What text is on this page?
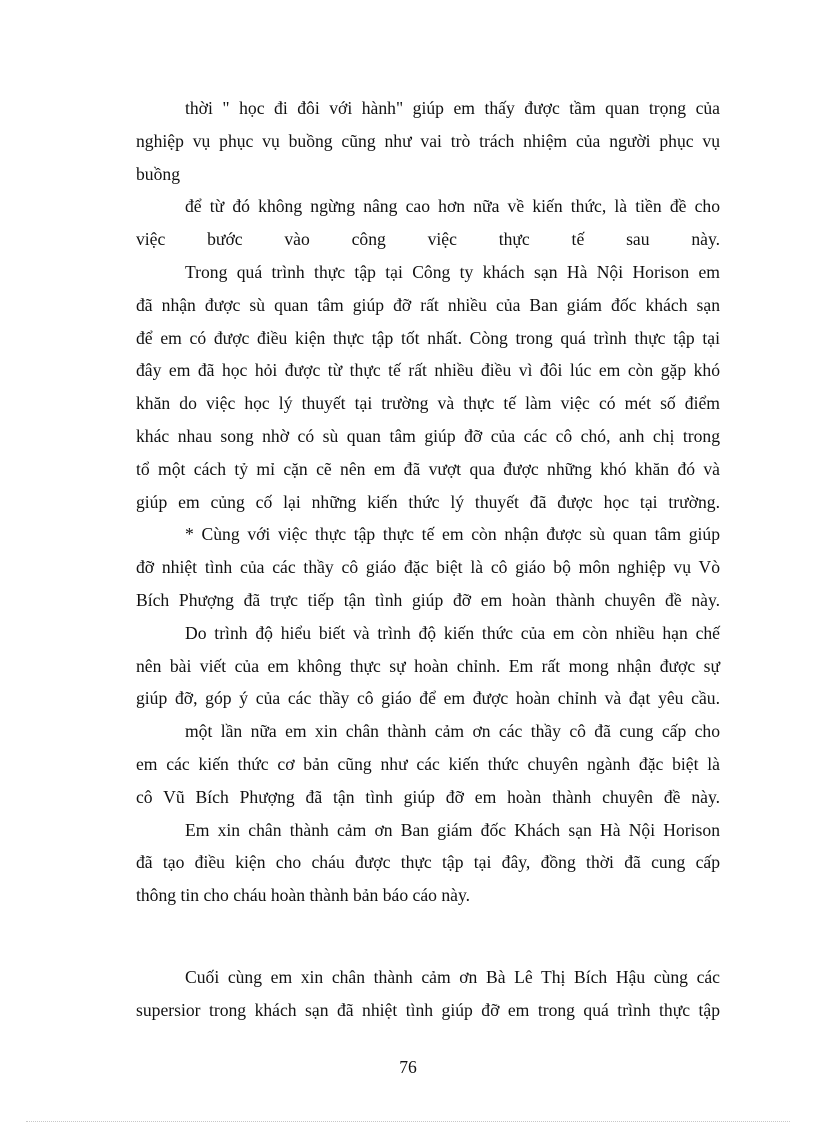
thời " học đi đôi với hành" giúp em thấy được tầm quan trọng của
nghiệp vụ phục vụ buồng cũng như vai trò trách nhiệm của người phục vụ
buồng
để từ đó không ngừng nâng cao hơn nữa về kiến thức, là tiền đề cho
việc bước vào công việc thực tế sau này.
Trong quá trình thực tập tại Công ty khách sạn Hà Nội Horison em
đã nhận được sù quan tâm giúp đỡ rất nhiều của Ban giám đốc khách sạn
để em có được điều kiện thực tập tốt nhất. Còng trong quá trình thực tập tại
đây em đã học hỏi được từ thực tế rất nhiều điều vì đôi lúc em còn gặp khó
khăn do việc học lý thuyết tại trường và thực tế làm việc có mét số điểm
khác nhau song nhờ có sù quan tâm giúp đỡ của các cô chó, anh chị trong
tổ một cách tỷ mỉ cặn cẽ nên em đã vượt qua được những khó khăn đó và
giúp em củng cố lại những kiến thức lý thuyết đã được học tại trường.
* Cùng với việc thực tập thực tế em còn nhận được sù quan tâm giúp
đỡ nhiệt tình của các thầy cô giáo đặc biệt là cô giáo bộ môn nghiệp vụ Vò
Bích Phượng đã trực tiếp tận tình giúp đỡ em hoàn thành chuyên đề này.
Do trình độ hiểu biết và trình độ kiến thức của em còn nhiều hạn chế
nên bài viết của em không thực sự hoàn chỉnh. Em rất mong nhận được sự
giúp đỡ, góp ý của các thầy cô giáo để em được hoàn chỉnh và đạt yêu cầu.
một lần nữa em xin chân thành cảm ơn các thầy cô đã cung cấp cho
em các kiến thức cơ bản cũng như các kiến thức chuyên ngành đặc biệt là
cô Vũ Bích Phượng đã tận tình giúp đỡ em hoàn thành chuyên đề này.
Em xin chân thành cảm ơn Ban giám đốc Khách sạn Hà Nội Horison
đã tạo điều kiện cho cháu được thực tập tại đây, đồng thời đã cung cấp
thông tin cho cháu hoàn thành bản báo cáo này.
Cuối cùng em xin chân thành cảm ơn Bà Lê Thị Bích Hậu cùng các
supersior trong khách sạn đã nhiệt tình giúp đỡ em trong quá trình thực tập
76
